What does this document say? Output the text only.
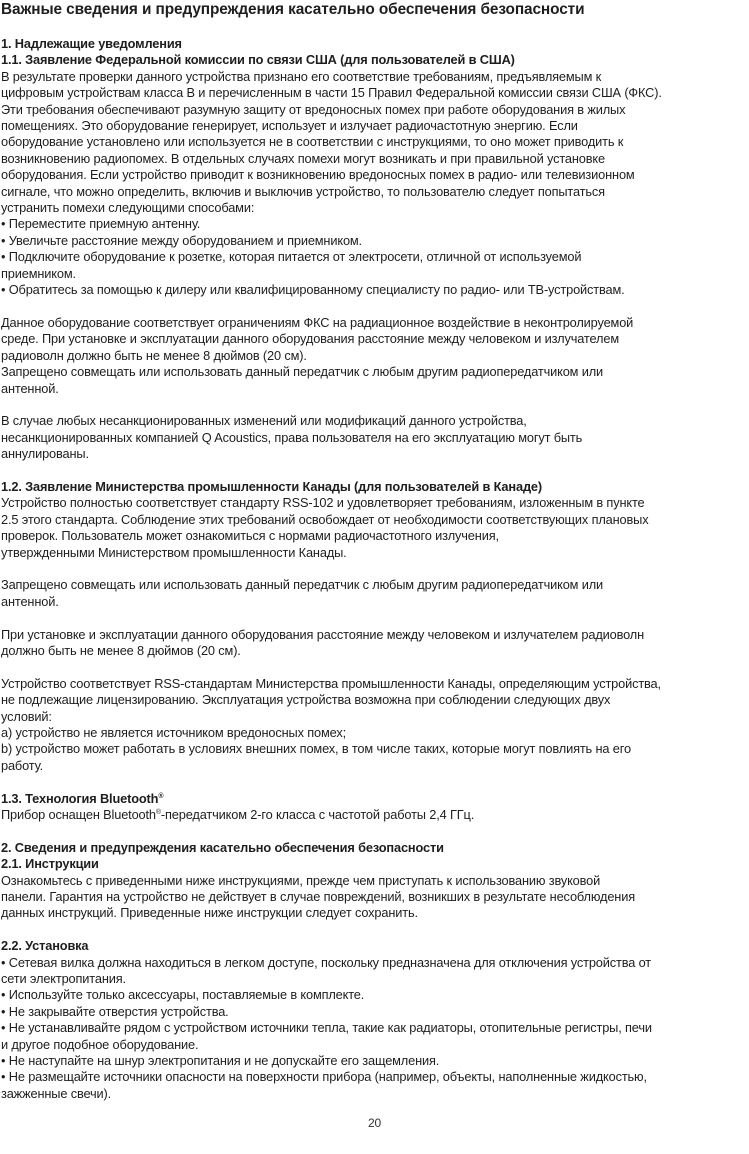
Важные сведения и предупреждения касательно обеспечения безопасности
1. Надлежащие уведомления
1.1. Заявление Федеральной комиссии по связи США (для пользователей в США)
В результате проверки данного устройства признано его соответствие требованиям, предъявляемым к
цифровым устройствам класса B и перечисленным в части 15 Правил Федеральной комиссии связи США (ФКС).
Эти требования обеспечивают разумную защиту от вредоносных помех при работе оборудования в жилых
помещениях. Это оборудование генерирует, использует и излучает радиочастотную энергию. Если
оборудование установлено или используется не в соответствии с инструкциями, то оно может приводить к
возникновению радиопомех. В отдельных случаях помехи могут возникать и при правильной установке
оборудования. Если устройство приводит к возникновению вредоносных помех в радио- или телевизионном
сигнале, что можно определить, включив и выключив устройство, то пользователю следует попытаться
устранить помехи следующими способами:
• Переместите приемную антенну.
• Увеличьте расстояние между оборудованием и приемником.
• Подключите оборудование к розетке, которая питается от электросети, отличной от используемой
приемником.
• Обратитесь за помощью к дилеру или квалифицированному специалисту по радио- или ТВ-устройствам.
Данное оборудование соответствует ограничениям ФКС на радиационное воздействие в неконтролируемой
среде. При установке и эксплуатации данного оборудования расстояние между человеком и излучателем
радиоволн должно быть не менее 8 дюймов (20 см).
Запрещено совмещать или использовать данный передатчик с любым другим радиопередатчиком или
антенной.
В случае любых несанкционированных изменений или модификаций данного устройства,
несанкционированных компанией Q Acoustics, права пользователя на его эксплуатацию могут быть
аннулированы.
1.2. Заявление Министерства промышленности Канады (для пользователей в Канаде)
Устройство полностью соответствует стандарту RSS-102 и удовлетворяет требованиям, изложенным в пункте
2.5 этого стандарта. Соблюдение этих требований освобождает от необходимости соответствующих плановых
проверок. Пользователь может ознакомиться с нормами радиочастотного излучения,
утвержденными Министерством промышленности Канады.
Запрещено совмещать или использовать данный передатчик с любым другим радиопередатчиком или
антенной.
При установке и эксплуатации данного оборудования расстояние между человеком и излучателем радиоволн
должно быть не менее 8 дюймов (20 см).
Устройство соответствует RSS-стандартам Министерства промышленности Канады, определяющим устройства,
не подлежащие лицензированию. Эксплуатация устройства возможна при соблюдении следующих двух
условий:
a) устройство не является источником вредоносных помех;
b) устройство может работать в условиях внешних помех, в том числе таких, которые могут повлиять на его
работу.
1.3. Технология Bluetooth®
Прибор оснащен Bluetooth®-передатчиком 2-го класса с частотой работы 2,4 ГГц.
2. Сведения и предупреждения касательно обеспечения безопасности
2.1. Инструкции
Ознакомьтесь с приведенными ниже инструкциями, прежде чем приступать к использованию звуковой
панели. Гарантия на устройство не действует в случае повреждений, возникших в результате несоблюдения
данных инструкций. Приведенные ниже инструкции следует сохранить.
2.2. Установка
• Сетевая вилка должна находиться в легком доступе, поскольку предназначена для отключения устройства от
сети электропитания.
• Используйте только аксессуары, поставляемые в комплекте.
• Не закрывайте отверстия устройства.
• Не устанавливайте рядом с устройством источники тепла, такие как радиаторы, отопительные регистры, печи
и другое подобное оборудование.
• Не наступайте на шнур электропитания и не допускайте его защемления.
• Не размещайте источники опасности на поверхности прибора (например, объекты, наполненные жидкостью,
зажженные свечи).
20
